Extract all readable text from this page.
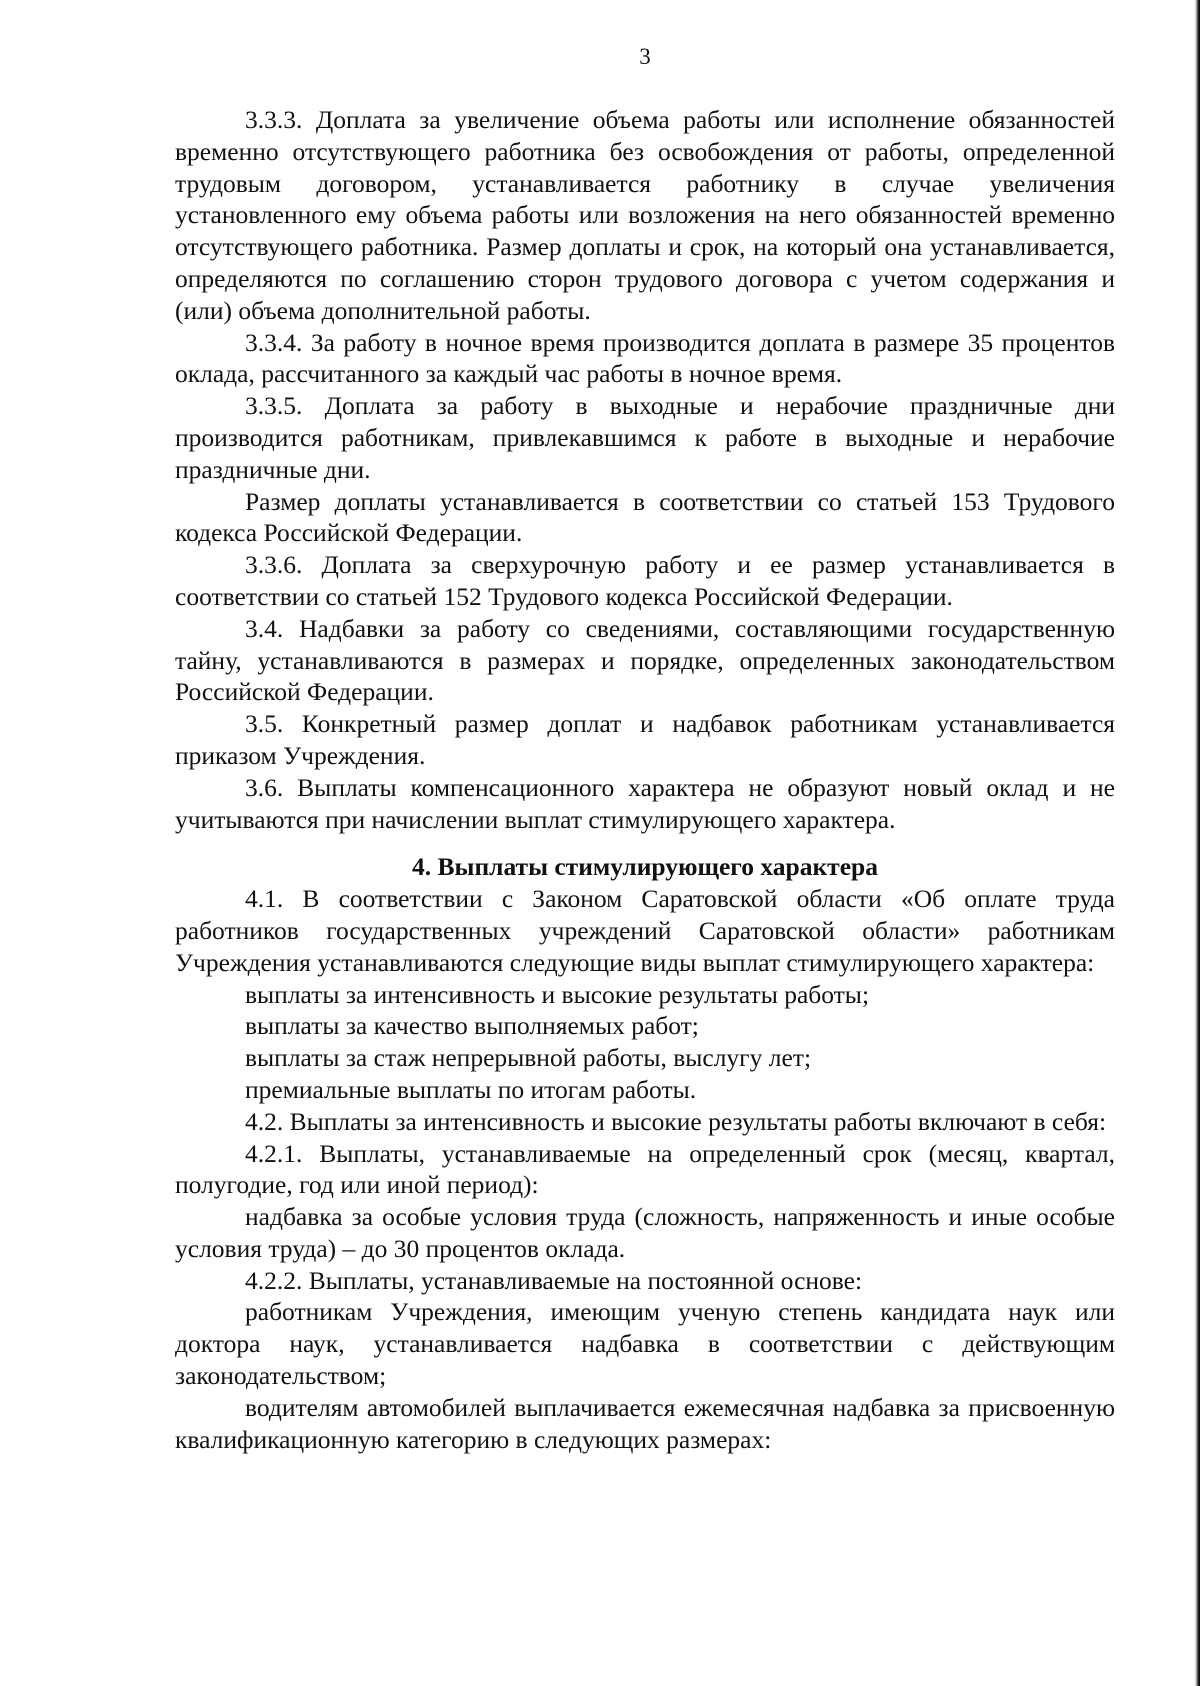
3

3.3.3. Доплата за увеличение объема работы или исполнение обязанностей временно отсутствующего работника без освобождения от работы, определенной трудовым договором, устанавливается работнику в случае увеличения установленного ему объема работы или возложения на него обязанностей временно отсутствующего работника. Размер доплаты и срок, на который она устанавливается, определяются по соглашению сторон трудового договора с учетом содержания и (или) объема дополнительной работы.

3.3.4. За работу в ночное время производится доплата в размере 35 процентов оклада, рассчитанного за каждый час работы в ночное время.

3.3.5. Доплата за работу в выходные и нерабочие праздничные дни производится работникам, привлекавшимся к работе в выходные и нерабочие праздничные дни.

Размер доплаты устанавливается в соответствии со статьей 153 Трудового кодекса Российской Федерации.

3.3.6. Доплата за сверхурочную работу и ее размер устанавливается в соответствии со статьей 152 Трудового кодекса Российской Федерации.

3.4. Надбавки за работу со сведениями, составляющими государственную тайну, устанавливаются в размерах и порядке, определенных законодательством Российской Федерации.

3.5. Конкретный размер доплат и надбавок работникам устанавливается приказом Учреждения.

3.6. Выплаты компенсационного характера не образуют новый оклад и не учитываются при начислении выплат стимулирующего характера.

4. Выплаты стимулирующего характера

4.1. В соответствии с Законом Саратовской области «Об оплате труда работников государственных учреждений Саратовской области» работникам Учреждения устанавливаются следующие виды выплат стимулирующего характера:

выплаты за интенсивность и высокие результаты работы;

выплаты за качество выполняемых работ;

выплаты за стаж непрерывной работы, выслугу лет;

премиальные выплаты по итогам работы.

4.2. Выплаты за интенсивность и высокие результаты работы включают в себя:

4.2.1. Выплаты, устанавливаемые на определенный срок (месяц, квартал, полугодие, год или иной период):

надбавка за особые условия труда (сложность, напряженность и иные особые условия труда) – до 30 процентов оклада.

4.2.2. Выплаты, устанавливаемые на постоянной основе:

работникам Учреждения, имеющим ученую степень кандидата наук или доктора наук, устанавливается надбавка в соответствии с действующим законодательством;

водителям автомобилей выплачивается ежемесячная надбавка за присвоенную квалификационную категорию в следующих размерах:
